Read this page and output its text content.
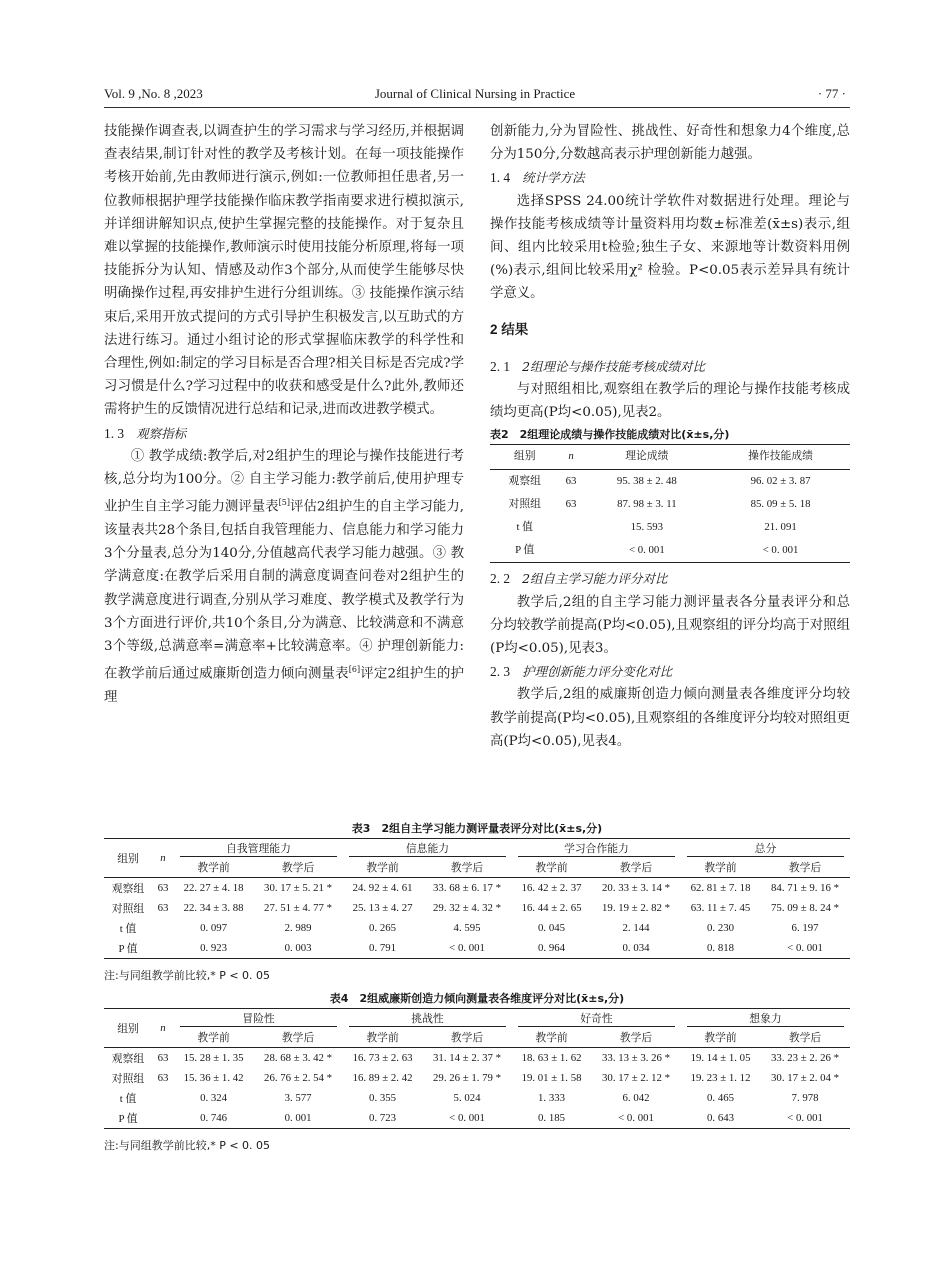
Vol. 9 ,No. 8 ,2023	Journal of Clinical Nursing in Practice	· 77 ·

技能操作调查表,以调查护生的学习需求与学习经历,并根据调查表结果,制订针对性的教学及考核计划。在每一项技能操作考核开始前,先由教师进行演示,例如:一位教师担任患者,另一位教师根据护理学技能操作临床教学指南要求进行模拟演示,并详细讲解知识点,使护生掌握完整的技能操作。对于复杂且难以掌握的技能操作,教师演示时使用技能分析原理,将每一项技能拆分为认知、情感及动作3个部分,从而使学生能够尽快明确操作过程,再安排护生进行分组训练。③ 技能操作演示结束后,采用开放式提问的方式引导护生积极发言,以互助式的方法进行练习。通过小组讨论的形式掌握临床教学的科学性和合理性,例如:制定的学习目标是否合理?相关目标是否完成?学习习惯是什么?学习过程中的收获和感受是什么?此外,教师还需将护生的反馈情况进行总结和记录,进而改进教学模式。

1. 3 观察指标

① 教学成绩:教学后,对2组护生的理论与操作技能进行考核,总分均为100分。② 自主学习能力:教学前后,使用护理专业护生自主学习能力测评量表[5]评估2组护生的自主学习能力,该量表共28个条目,包括自我管理能力、信息能力和学习能力3个分量表,总分为140分,分值越高代表学习能力越强。③ 教学满意度:在教学后采用自制的满意度调查问卷对2组护生的教学满意度进行调查,分别从学习难度、教学模式及教学行为3个方面进行评价,共10个条目,分为满意、比较满意和不满意3个等级,总满意率=满意率+比较满意率。④ 护理创新能力:在教学前后通过威廉斯创造力倾向测量表[6]评定2组护生的护理

创新能力,分为冒险性、挑战性、好奇性和想象力4个维度,总分为150分,分数越高表示护理创新能力越强。

1. 4 统计学方法

选择SPSS 24.00统计学软件对数据进行处理。理论与操作技能考核成绩等计量资料用均数±标准差(x̄±s)表示,组间、组内比较采用t检验;独生子女、来源地等计数资料用例(%)表示,组间比较采用χ² 检验。P<0.05表示差异具有统计学意义。

2 结果

2. 1 2组理论与操作技能考核成绩对比

与对照组相比,观察组在教学后的理论与操作技能考核成绩均更高(P均<0.05),见表2。

表2　2组理论成绩与操作技能成绩对比(x̄±s,分)

组别	n	理论成绩	操作技能成绩
观察组	63	95. 38 ± 2. 48	96. 02 ± 3. 87
对照组	63	87. 98 ± 3. 11	85. 09 ± 5. 18
t 值		15. 593	21. 091
P 值		< 0. 001	< 0. 001

2. 2 2组自主学习能力评分对比

教学后,2组的自主学习能力测评量表各分量表评分和总分均较教学前提高(P均<0.05),且观察组的评分均高于对照组(P均<0.05),见表3。

2. 3 护理创新能力评分变化对比

教学后,2组的威廉斯创造力倾向测量表各维度评分均较教学前提高(P均<0.05),且观察组的各维度评分均较对照组更高(P均<0.05),见表4。

表3　2组自主学习能力测评量表评分对比(x̄±s,分)

组别	n	自我管理能力		信息能力		学习合作能力		总分	

		教学前	教学后	教学前	教学后	教学前	教学后	教学前	教学后
观察组	63	22. 27 ± 4. 18	30. 17 ± 5. 21 *	24. 92 ± 4. 61	33. 68 ± 6. 17 *	16. 42 ± 2. 37	20. 33 ± 3. 14 *	62. 81 ± 7. 18	84. 71 ± 9. 16 *
对照组	63	22. 34 ± 3. 88	27. 51 ± 4. 77 *	25. 13 ± 4. 27	29. 32 ± 4. 32 *	16. 44 ± 2. 65	19. 19 ± 2. 82 *	63. 11 ± 7. 45	75. 09 ± 8. 24 *
t 值		0. 097	2. 989	0. 265	4. 595	0. 045	2. 144	0. 230	6. 197
P 值		0. 923	0. 003	0. 791	< 0. 001	0. 964	0. 034	0. 818	< 0. 001

注:与同组教学前比较,* P < 0. 05

表4　2组威廉斯创造力倾向测量表各维度评分对比(x̄±s,分)

组别	n	冒险性		挑战性		好奇性		想象力	

		教学前	教学后	教学前	教学后	教学前	教学后	教学前	教学后
观察组	63	15. 28 ± 1. 35	28. 68 ± 3. 42 *	16. 73 ± 2. 63	31. 14 ± 2. 37 *	18. 63 ± 1. 62	33. 13 ± 3. 26 *	19. 14 ± 1. 05	33. 23 ± 2. 26 *
对照组	63	15. 36 ± 1. 42	26. 76 ± 2. 54 *	16. 89 ± 2. 42	29. 26 ± 1. 79 *	19. 01 ± 1. 58	30. 17 ± 2. 12 *	19. 23 ± 1. 12	30. 17 ± 2. 04 *
t 值		0. 324	3. 577	0. 355	5. 024	1. 333	6. 042	0. 465	7. 978
P 值		0. 746	0. 001	0. 723	< 0. 001	0. 185	< 0. 001	0. 643	< 0. 001

注:与同组教学前比较,* P < 0. 05
